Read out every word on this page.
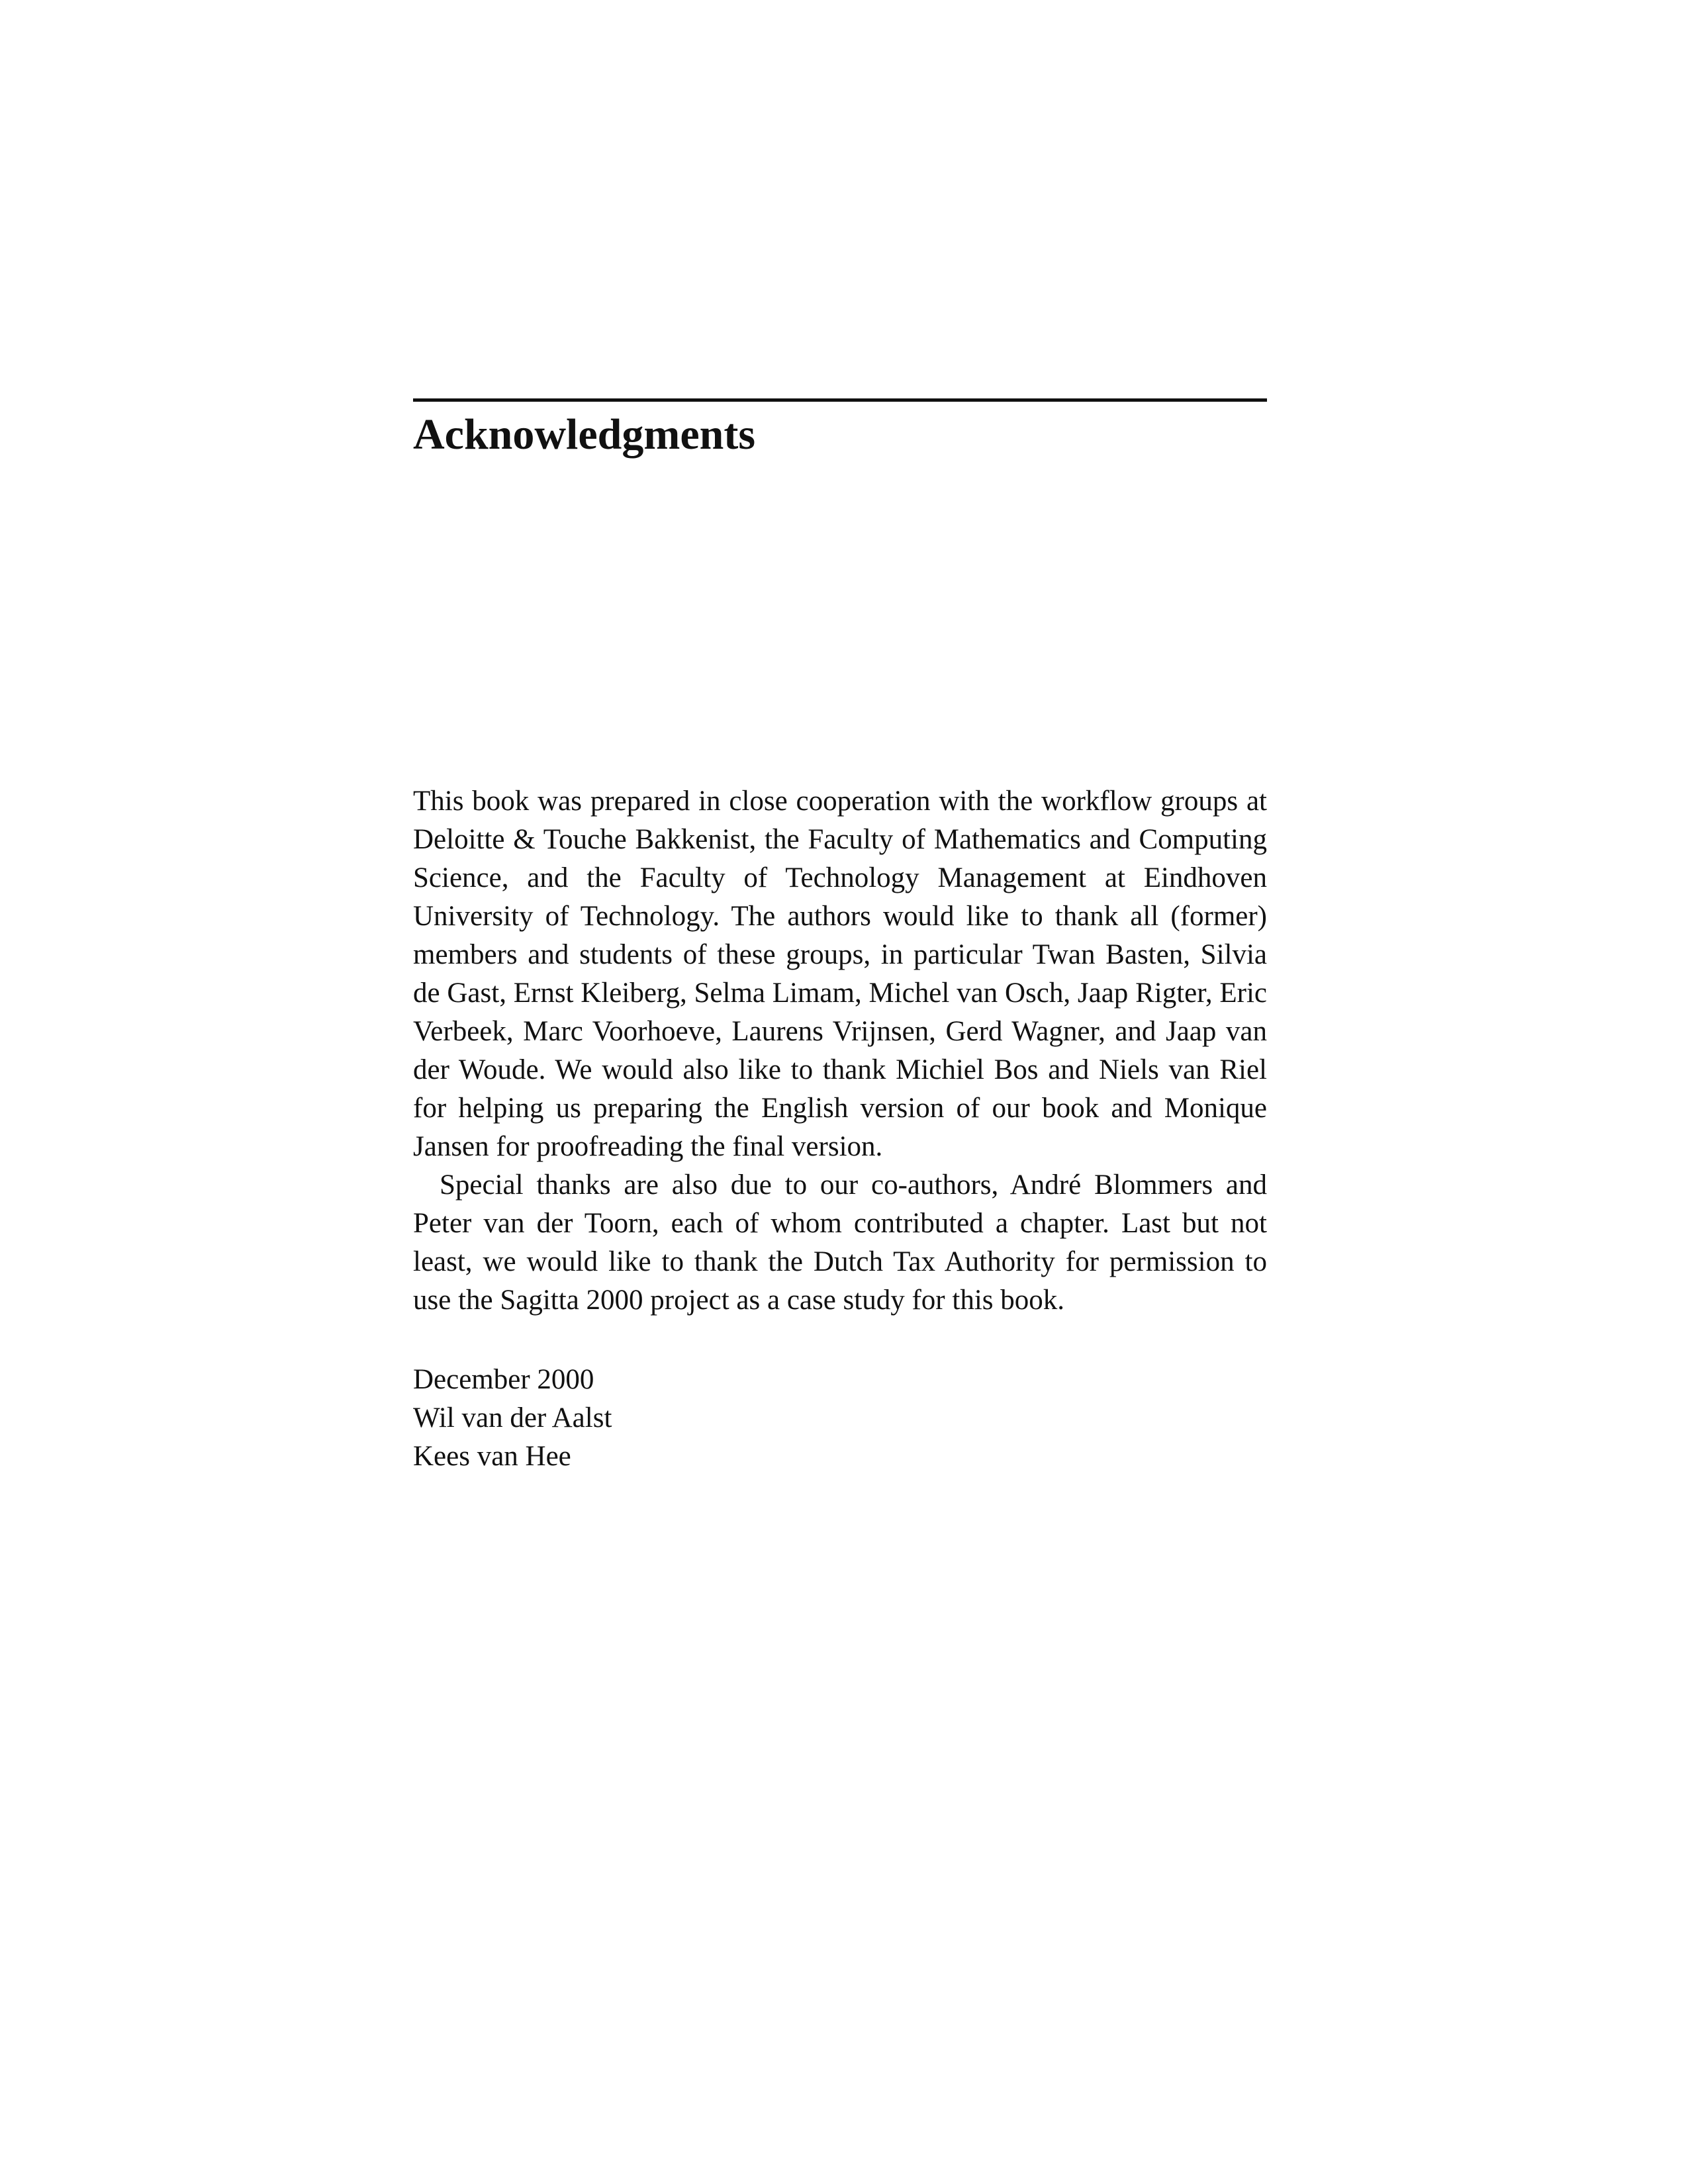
Acknowledgments

This book was prepared in close cooperation with the workflow groups at Deloitte & Touche Bakkenist, the Faculty of Mathematics and Computing Science, and the Faculty of Technology Management at Eindhoven University of Technology. The authors would like to thank all (former) members and students of these groups, in particular Twan Basten, Silvia de Gast, Ernst Kleiberg, Selma Limam, Michel van Osch, Jaap Rigter, Eric Verbeek, Marc Voorhoeve, Laurens Vrijnsen, Gerd Wagner, and Jaap van der Woude. We would also like to thank Michiel Bos and Niels van Riel for helping us preparing the English version of our book and Monique Jansen for proofreading the final version.

Special thanks are also due to our co-authors, André Blommers and Peter van der Toorn, each of whom contributed a chapter. Last but not least, we would like to thank the Dutch Tax Authority for permission to use the Sagitta 2000 project as a case study for this book.

December 2000
Wil van der Aalst
Kees van Hee
